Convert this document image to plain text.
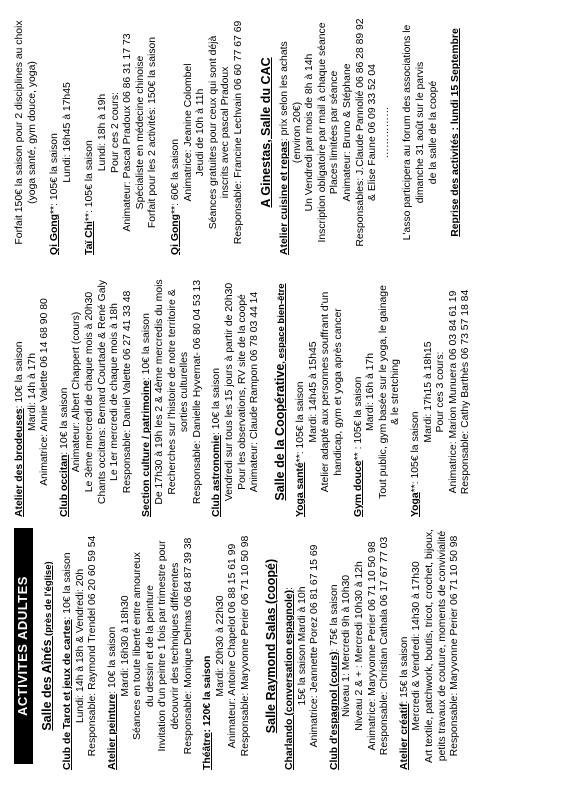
ACTIVITES ADULTES Salle des Aînés (près de l'église)
Club de Tarot et jeux de cartes: 10€ la saison Lundi: 14h à 18h & Vendredi: 20h Responsable: Raymond Trendel 06 20 60 59 54 Atelier peinture: 10€ la saison Mardi: 16h30 à 18h30 Séances en toute liberté entre amoureux du dessin et de la peinture Invitation d'un peintre 1 fois par trimestre pour découvrir des techniques différentes Responsable: Monique Delmas 06 84 87 39 38 Théâtre: 120€ la saison Mardi: 20h30 à 22h30 Animateur: Antoine Chapelot 06 88 15 61 99 Responsable: Maryvonne Perier 06 71 10 50 98 Salle Raymond Salas (coopé) Charlando (conversation espagnole): 15€ la saison Mardi à 10h Animatrice: Jeannette Porez 06 81 67 15 69 Club d'espagnol (cours): 75€ la saison Niveau 1: Mercredi 9h à 10h30 Niveau 2 & + : Mercredi 10h30 à 12h Animatrice: Maryvonne Perier 06 71 10 50 98 Responsable: Christian Cathala 06 17 67 77 03 Atelier créatif: 15€ la saison Mercredi & Vendredi: 14h30 à 17h30 Art textile, patchwork, boutis, tricot, crochet, bijoux, petits travaux de couture, moments de convivialité Responsable: Maryvonne Perier 06 71 10 50 98
Atelier des brodeuses: 10€ la saison Mardi: 14h à 17h Animatrice: Annie Valette 06 14 68 90 80
Club occitan: 10€ la saison Animateur: Albert Chappert (cours) Le 3ème mercredi de chaque mois à 20h30 Chants occitans: Bernard Courtade & René Galy Le 1er mercredi de chaque mois à 18h Responsable: Daniel Valette 06 27 41 33 48 Section culture / patrimoine: 10€ la saison De 17h30 à 19h les 2 & 4ème mercredis du mois Recherches sur l'histoire de notre territoire & sorties culturelles Responsable: Danielle Hyvernat- 06 80 04 53 13 Club astronomie: 10€ la saison Vendredi sur tous les 15 jours à partir de 20h30 Pour les observations, RV site de la coopé Animateur: Claude Rampon 06 78 03 44 14 Salle de la Coopérative, espace bien-être
Yoga santé**: 105€ la saison Mardi: 14h45 à 15h45 Atelier adapté aux personnes souffrant d'un handicap, gym et yoga après cancer
Gym douce** : 105€ la saison Mardi: 16h à 17h Tout public, gym basée sur le yoga, le gainage & le stretching
Yoga**: 105€ la saison
Mardi: 17h15 à 18h15 Pour ces 3 cours: Animatrice: Marion Munuera 06 03 84 61 19 Responsable: Cathy Barthès 06 73 57 18 84
Forfait 150€ la saison pour 2 disciplines au choix (yoga santé, gym douce, yoga)
Qi Gong**: 105€ la saison Lundi: 16h45 à 17h45
Taï Chi**: 105€ la saison
Lundi: 18h à 19h Pour ces 2 cours: Animateur: Pascal Pradoux 06 86 31 17 73 Spécialiste en médecine chinoise Forfait pour les 2 activités: 150€ la saison
Qi Gong**: 60€ la saison Animatrice: Jeanine Colombel Jeudi de 10h à 11h Séances gratuites pour ceux qui sont déjà inscrits avec pascal Pradoux Responsable: Francine Lechvain 06 60 77 67 69 A Ginestas, Salle du CAC Atelier cuisine et repas: prix selon les achats (environ 20€) Un Vendredi par mois de 8h à 14h Inscription obligatoire par mail à chaque séance Places limitées par séance Animateur: Bruno & Stéphane Responsables: J.Claude Pannolié 06 86 28 89 92 & Elise Faune 06 09 33 52 04 …………… L'asso participera au forum des associations le dimanche 31 août sur le parvis de la salle de la coopé Reprise des activités : lundi 15 Septembre
